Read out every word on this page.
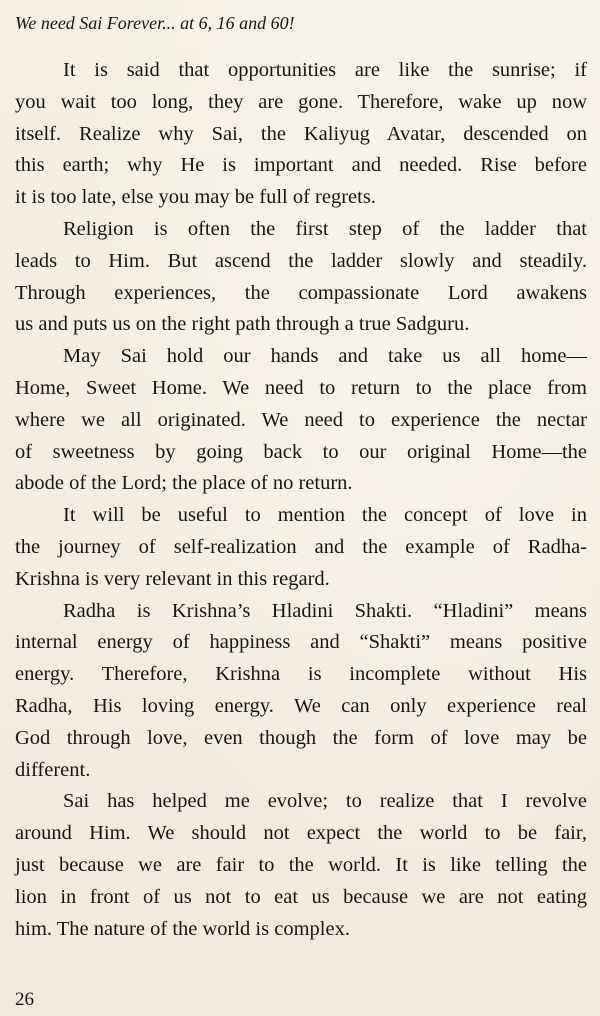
We need Sai Forever... at 6, 16 and 60!

It is said that opportunities are like the sunrise; if
you wait too long, they are gone. Therefore, wake up now
itself. Realize why Sai, the Kaliyug Avatar, descended on
this earth; why He is important and needed. Rise before
it is too late, else you may be full of regrets.

Religion is often the first step of the ladder that
leads to Him. But ascend the ladder slowly and steadily.
Through experiences, the compassionate Lord awakens
us and puts us on the right path through a true Sadguru.

May Sai hold our hands and take us all home—
Home, Sweet Home. We need to return to the place from
where we all originated. We need to experience the nectar
of sweetness by going back to our original Home—the
abode of the Lord; the place of no return.

It will be useful to mention the concept of love in
the journey of self-realization and the example of Radha-
Krishna is very relevant in this regard.

Radha is Krishna’s Hladini Shakti. “Hladini” means
internal energy of happiness and “Shakti” means positive
energy. Therefore, Krishna is incomplete without His
Radha, His loving energy. We can only experience real
God through love, even though the form of love may be
different.

Sai has helped me evolve; to realize that I revolve
around Him. We should not expect the world to be fair,
just because we are fair to the world. It is like telling the
lion in front of us not to eat us because we are not eating
him. The nature of the world is complex.

26
